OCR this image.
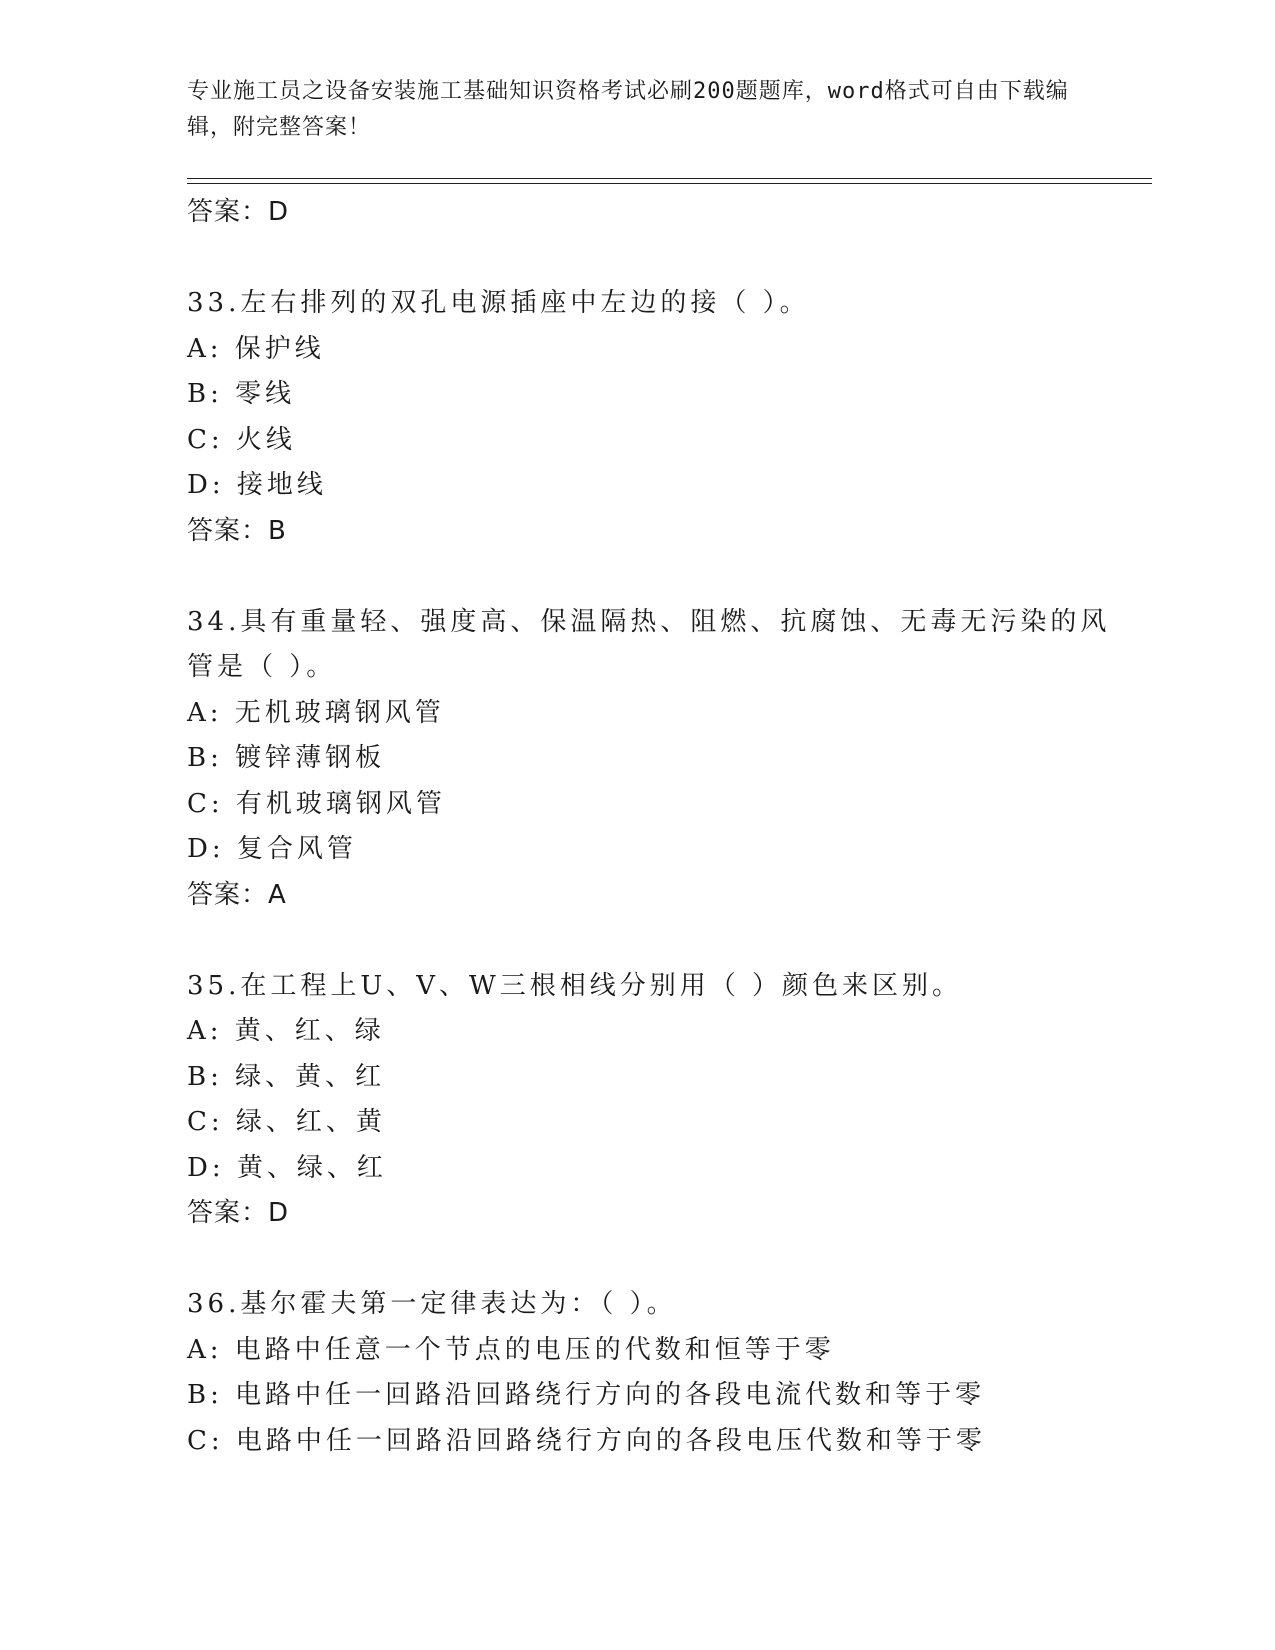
专业施工员之设备安装施工基础知识资格考试必刷200题题库，word格式可自由下载编辑，附完整答案！
答案：D
33.左右排列的双孔电源插座中左边的接（ ）。
A: 保护线
B: 零线
C: 火线
D: 接地线
答案：B
34.具有重量轻、强度高、保温隔热、阻燃、抗腐蚀、无毒无污染的风
管是（ ）。
A: 无机玻璃钢风管
B: 镀锌薄钢板
C: 有机玻璃钢风管
D: 复合风管
答案：A
35.在工程上U、V、W三根相线分别用（ ）颜色来区别。
A: 黄、红、绿
B: 绿、黄、红
C: 绿、红、黄
D: 黄、绿、红
答案：D
36.基尔霍夫第一定律表达为：（ ）。
A: 电路中任意一个节点的电压的代数和恒等于零
B: 电路中任一回路沿回路绕行方向的各段电流代数和等于零
C: 电路中任一回路沿回路绕行方向的各段电压代数和等于零
